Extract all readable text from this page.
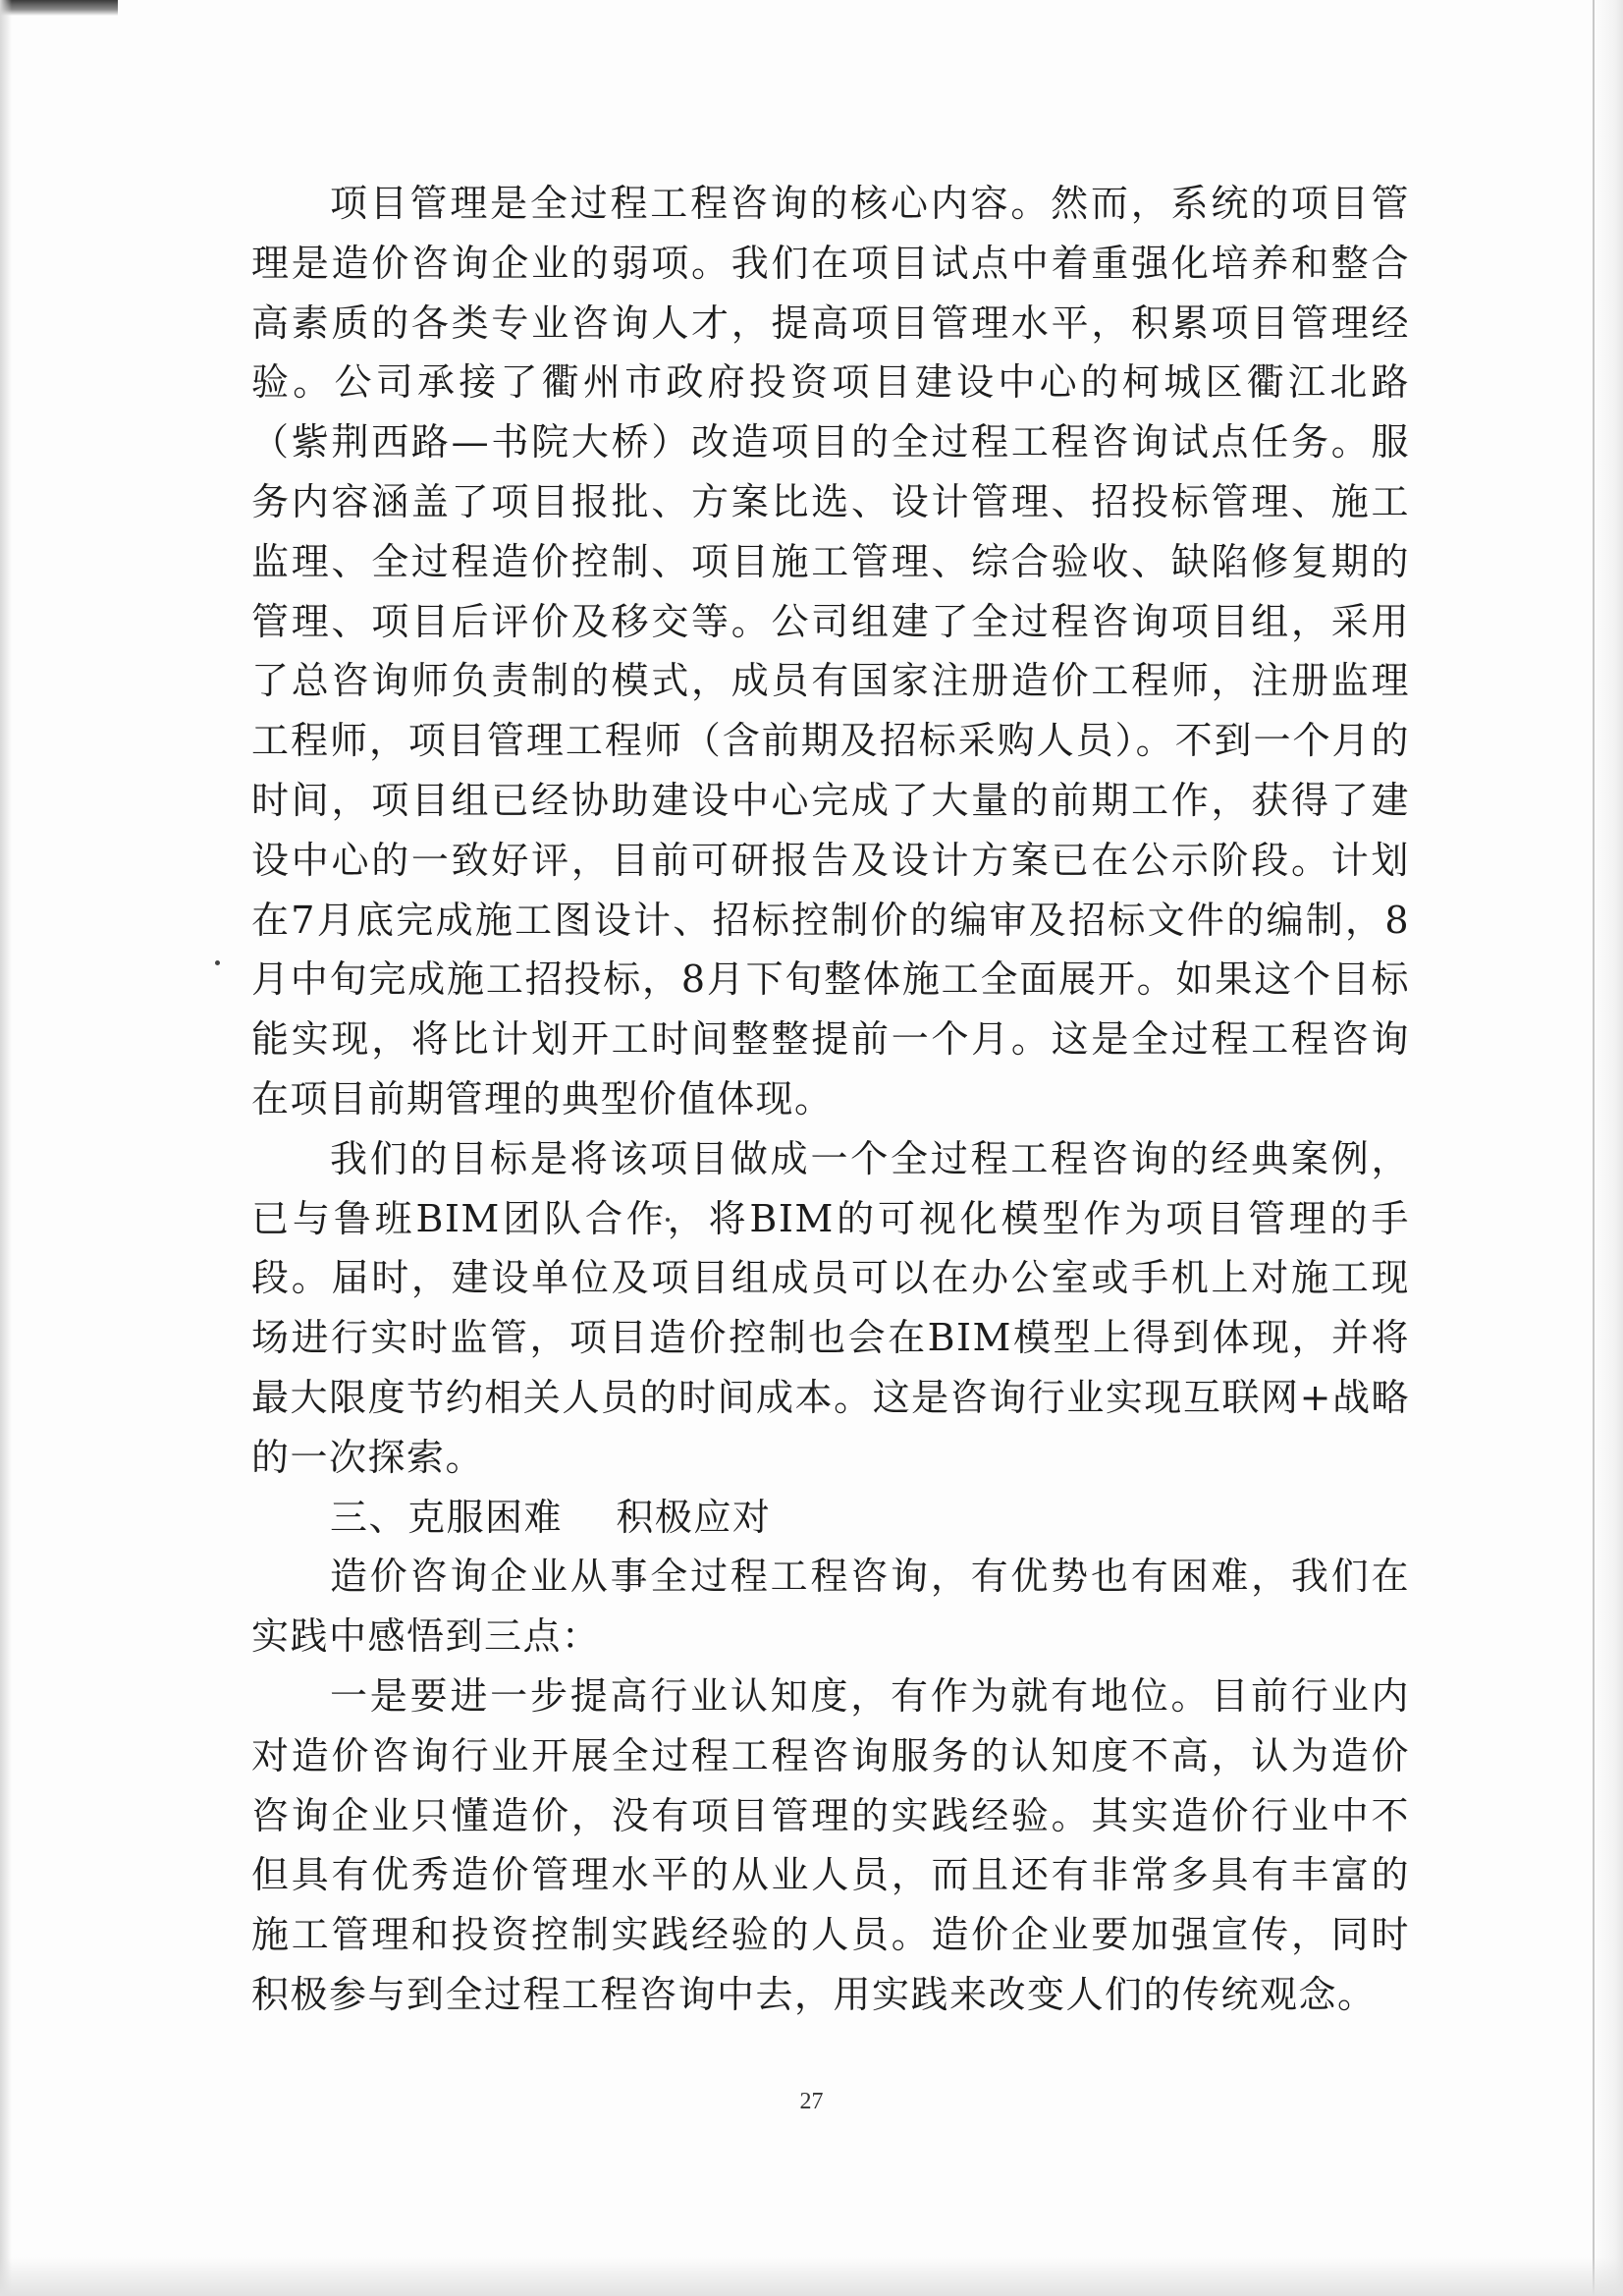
项目管理是全过程工程咨询的核心内容。然而，系统的项目管理是造价咨询企业的弱项。我们在项目试点中着重强化培养和整合高素质的各类专业咨询人才，提高项目管理水平，积累项目管理经验。公司承接了衢州市政府投资项目建设中心的柯城区衢江北路（紫荆西路—书院大桥）改造项目的全过程工程咨询试点任务。服务内容涵盖了项目报批、方案比选、设计管理、招投标管理、施工监理、全过程造价控制、项目施工管理、综合验收、缺陷修复期的管理、项目后评价及移交等。公司组建了全过程咨询项目组，采用了总咨询师负责制的模式，成员有国家注册造价工程师，注册监理工程师，项目管理工程师（含前期及招标采购人员）。不到一个月的时间，项目组已经协助建设中心完成了大量的前期工作，获得了建设中心的一致好评，目前可研报告及设计方案已在公示阶段。计划在7月底完成施工图设计、招标控制价的编审及招标文件的编制，8月中旬完成施工招投标，8月下旬整体施工全面展开。如果这个目标能实现，将比计划开工时间整整提前一个月。这是全过程工程咨询在项目前期管理的典型价值体现。

我们的目标是将该项目做成一个全过程工程咨询的经典案例，已与鲁班BIM团队合作，将BIM的可视化模型作为项目管理的手段。届时，建设单位及项目组成员可以在办公室或手机上对施工现场进行实时监管，项目造价控制也会在BIM模型上得到体现，并将最大限度节约相关人员的时间成本。这是咨询行业实现互联网+战略的一次探索。

三、克服困难    积极应对

造价咨询企业从事全过程工程咨询，有优势也有困难，我们在实践中感悟到三点：

一是要进一步提高行业认知度，有作为就有地位。目前行业内对造价咨询行业开展全过程工程咨询服务的认知度不高，认为造价咨询企业只懂造价，没有项目管理的实践经验。其实造价行业中不但具有优秀造价管理水平的从业人员，而且还有非常多具有丰富的施工管理和投资控制实践经验的人员。造价企业要加强宣传，同时积极参与到全过程工程咨询中去，用实践来改变人们的传统观念。

27
